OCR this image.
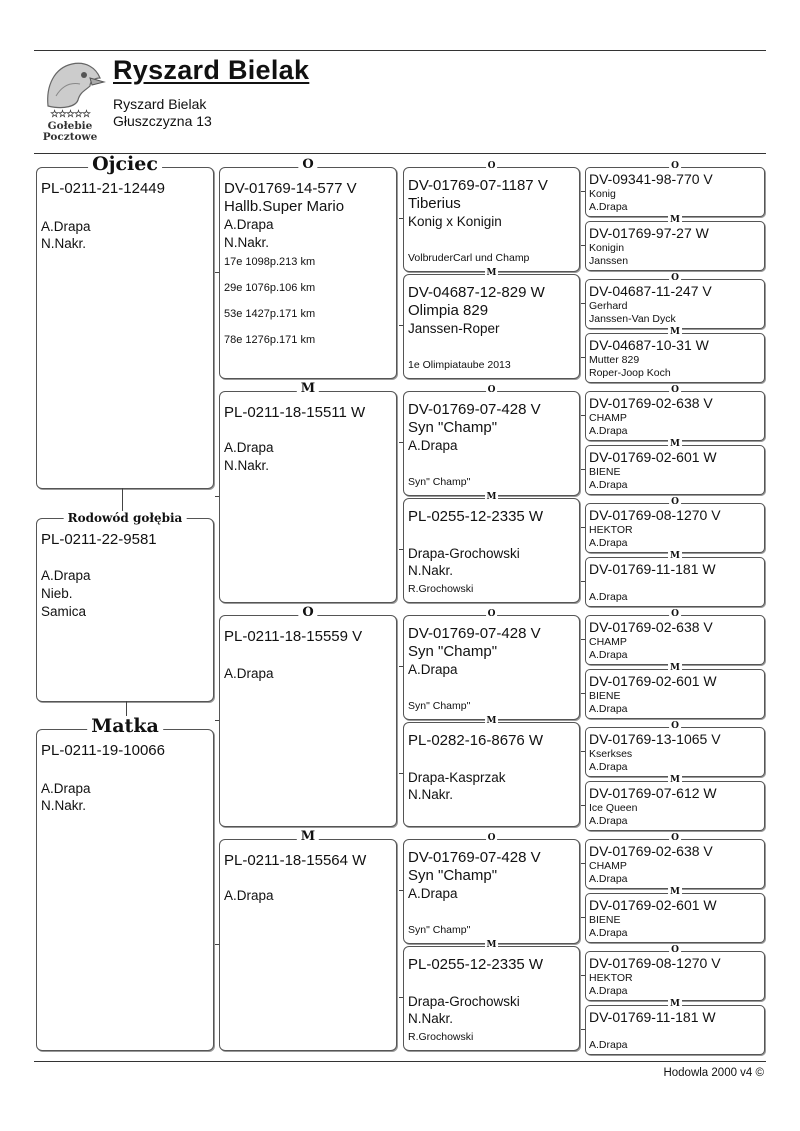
☆☆☆☆☆
Gołebie
Pocztowe
Ryszard Bielak
Ryszard Bielak
Głuszczyzna 13
Ojciec
PL-0211-21-12449
A.Drapa
N.Nakr.
Rodowód gołębia
PL-0211-22-9581
A.Drapa
Nieb.
Samica
Matka
PL-0211-19-10066
A.Drapa
N.Nakr.
O
DV-01769-14-577 V
Hallb.Super Mario
A.Drapa
N.Nakr.
17e 1098p.213 km
29e 1076p.106 km
53e 1427p.171 km
78e 1276p.171 km
M
PL-0211-18-15511 W
A.Drapa
N.Nakr.
O
PL-0211-18-15559 V
A.Drapa
M
PL-0211-18-15564 W
A.Drapa
O
DV-01769-07-1187 V
Tiberius
Konig x Konigin
VolbruderCarl und Champ
M
DV-04687-12-829 W
Olimpia 829
Janssen-Roper
1e Olimpiataube 2013
O
DV-01769-07-428 V
Syn "Champ"
A.Drapa
Syn" Champ"
M
PL-0255-12-2335 W
Drapa-Grochowski
N.Nakr.
R.Grochowski
O
DV-01769-07-428 V
Syn "Champ"
A.Drapa
Syn" Champ"
M
PL-0282-16-8676 W
Drapa-Kasprzak
N.Nakr.
O
DV-01769-07-428 V
Syn "Champ"
A.Drapa
Syn" Champ"
M
PL-0255-12-2335 W
Drapa-Grochowski
N.Nakr.
R.Grochowski
O
DV-09341-98-770 V
Konig
A.Drapa
M
DV-01769-97-27 W
Konigin
Janssen
O
DV-04687-11-247 V
Gerhard
Janssen-Van Dyck
M
DV-04687-10-31 W
Mutter 829
Roper-Joop Koch
O
DV-01769-02-638 V
CHAMP
A.Drapa
M
DV-01769-02-601 W
BIENE
A.Drapa
O
DV-01769-08-1270 V
HEKTOR
A.Drapa
M
DV-01769-11-181 W
A.Drapa
O
DV-01769-02-638 V
CHAMP
A.Drapa
M
DV-01769-02-601 W
BIENE
A.Drapa
O
DV-01769-13-1065 V
Kserkses
A.Drapa
M
DV-01769-07-612 W
Ice Queen
A.Drapa
O
DV-01769-02-638 V
CHAMP
A.Drapa
M
DV-01769-02-601 W
BIENE
A.Drapa
O
DV-01769-08-1270 V
HEKTOR
A.Drapa
M
DV-01769-11-181 W
A.Drapa
Hodowla 2000 v4 ©
